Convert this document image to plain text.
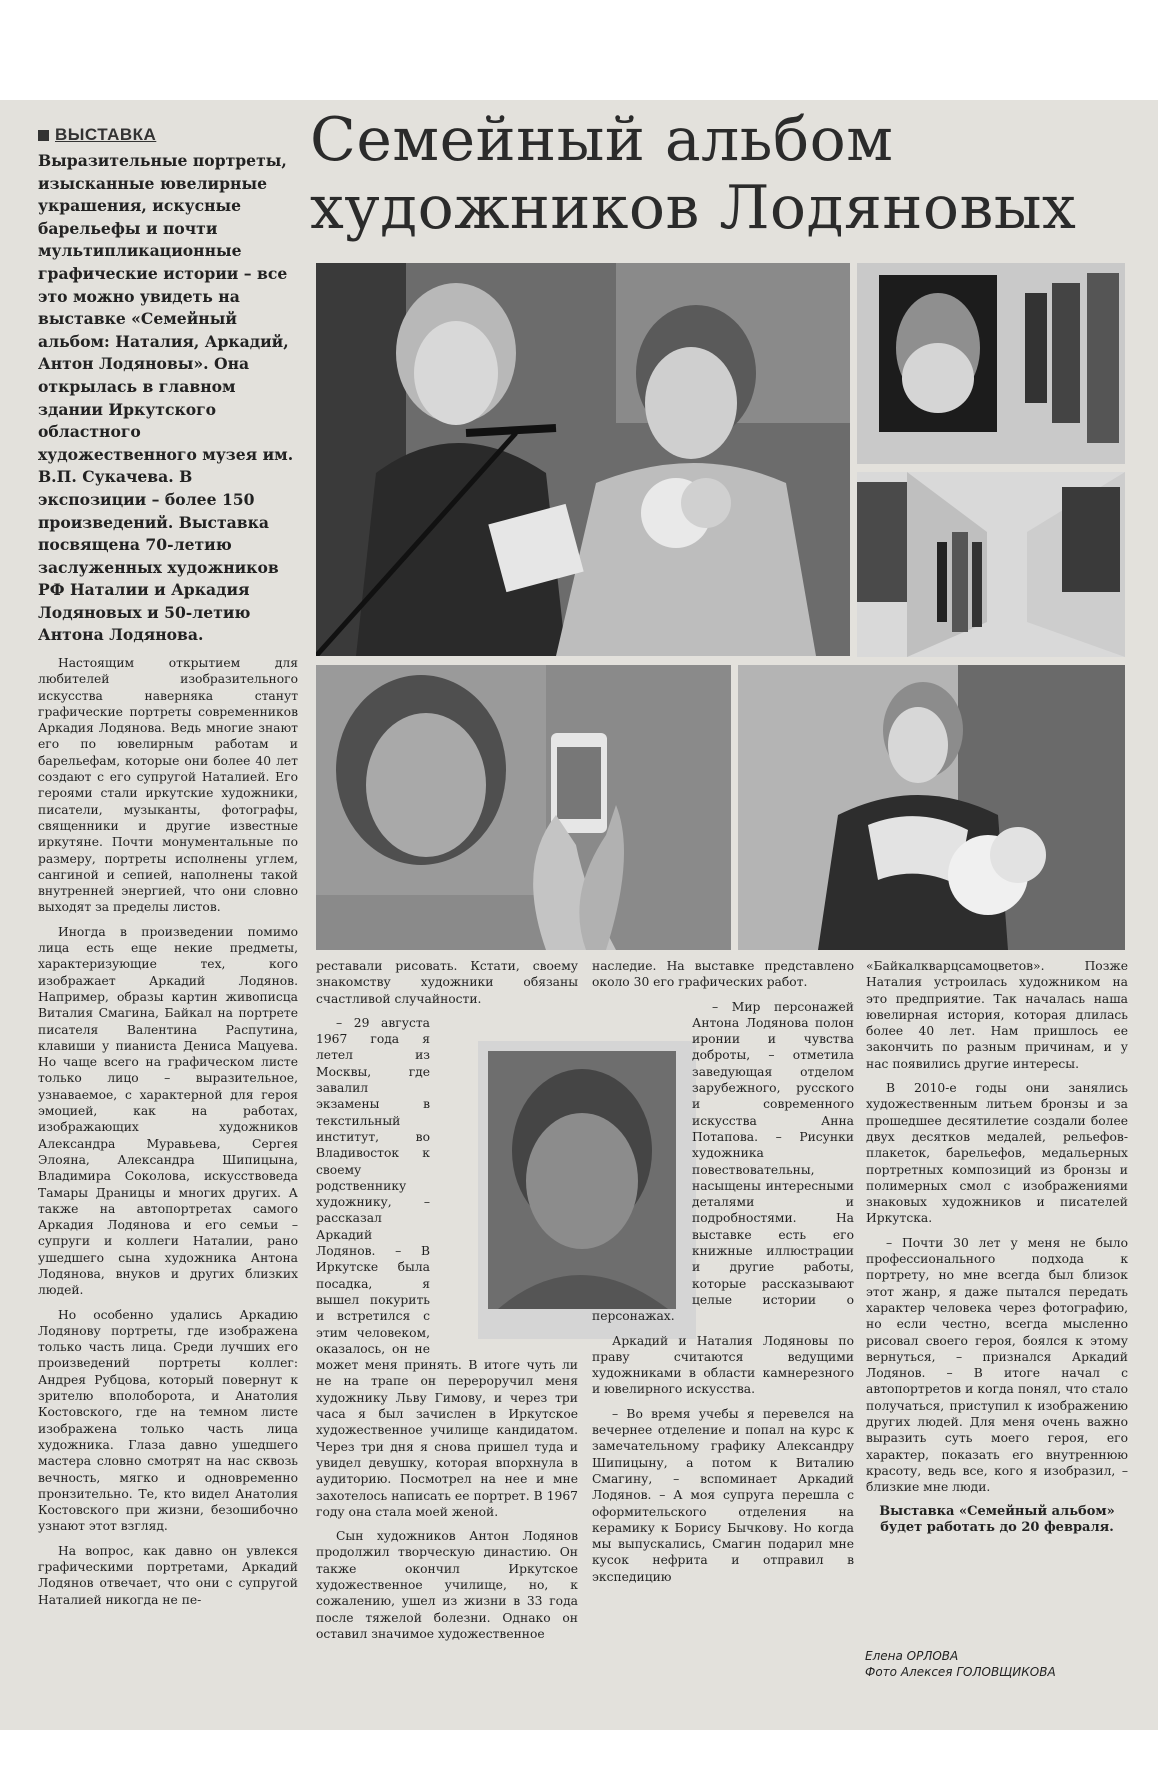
ВЫСТАВКА	Семейный альбом
художников Лодяновых
Выразительные портреты, изысканные ювелирные украшения, искусные барельефы и почти мультипликационные графические истории – все это можно увидеть на выставке «Семейный альбом: Наталия, Аркадий, Антон Лодяновы». Она открылась в главном здании Иркутского областного художественного музея им. В.П. Сукачева. В экспозиции – более 150 произведений. Выставка посвящена 70-летию заслуженных художников РФ Наталии и Аркадия Лодяновых и 50-летию Антона Лодянова.

Настоящим открытием для любителей изобразительного искусства наверняка станут графические портреты современников Аркадия Лодянова. Ведь многие знают его по ювелирным работам и барельефам, которые они более 40 лет создают с его супругой Наталией. Его героями стали иркутские художники, писатели, музыканты, фотографы, священники и другие известные иркутяне. Почти монументальные по размеру, портреты исполнены углем, сангиной и сепией, наполнены такой внутренней энергией, что они словно выходят за пределы листов.

Иногда в произведении помимо лица есть еще некие предметы, характеризующие тех, кого изображает Аркадий Лодянов. Например, образы картин живописца Виталия Смагина, Байкал на портрете писателя Валентина Распутина, клавиши у пианиста Дениса Мацуева. Но чаще всего на графическом листе только лицо – выразительное, узнаваемое, с характерной для героя эмоцией, как на работах, изображающих художников Александра Муравьева, Сергея Элояна, Александра Шипицына, Владимира Соколова, искусствоведа Тамары Драницы и многих других. А также на автопортретах самого Аркадия Лодянова и его семьи – супруги и коллеги Наталии, рано ушедшего сына художника Антона Лодянова, внуков и других близких людей.

Но особенно удались Аркадию Лодянову портреты, где изображена только часть лица. Среди лучших его произведений портреты коллег: Андрея Рубцова, который повернут к зрителю вполоборота, и Анатолия Костовского, где на темном листе изображена только часть лица художника. Глаза давно ушедшего мастера словно смотрят на нас сквозь вечность, мягко и одновременно пронзительно. Те, кто видел Анатолия Костовского при жизни, безошибочно узнают этот взгляд.

На вопрос, как давно он увлекся графическими портретами, Аркадий Лодянов отвечает, что они с супругой Наталией никогда не пе-

реставали рисовать. Кстати, своему знакомству художники обязаны счастливой случайности.

– 29 августа 1967 года я летел из Москвы, где завалил экзамены в текстильный институт, во Владивосток к своему родственнику художнику, – рассказал Аркадий Лодянов. – В Иркутске была посадка, я вышел покурить и встретился с этим человеком, оказалось, он не может меня принять. В итоге чуть ли не на трапе он переpоручил меня художнику Льву Гимову, и через три часа я был зачислен в Иркутское художественное училище кандидатом. Через три дня я снова пришел туда и увидел девушку, которая впорхнула в аудиторию. Посмотрел на нее и мне захотелось написать ее портрет. В 1967 году она стала моей женой.

Сын художников Антон Лодянов продолжил творческую династию. Он также окончил Иркутское художественное училище, но, к сожалению, ушел из жизни в 33 года после тяжелой болезни. Однако он оставил значимое художественное

наследие. На выставке представлено около 30 его графических работ.

– Мир персонажей Антона Лодянова полон иронии и чувства доброты, – отметила заведующая отделом зарубежного, русского и современного искусства Анна Потапова. – Рисунки художника повествовательны, насыщены интересными деталями и подробностями. На выставке есть его книжные иллюстрации и другие работы, которые рассказывают целые истории о персонажах.

Аркадий и Наталия Лодяновы по праву считаются ведущими художниками в области камнерезного и ювелирного искусства.

– Во время учебы я перевелся на вечернее отделение и попал на курс к замечательному графику Александру Шипицыну, а потом к Виталию Смагину, – вспоминает Аркадий Лодянов. – А моя супруга перешла с оформительского отделения на керамику к Борису Бычкову. Но когда мы выпускались, Смагин подарил мне кусок нефрита и отправил в экспедицию

«Байкалкварцсамоцветов». Позже Наталия устроилась художником на это предприятие. Так началась наша ювелирная история, которая длилась более 40 лет. Нам пришлось ее закончить по разным причинам, и у нас появились другие интересы.

В 2010-е годы они занялись художественным литьем бронзы и за прошедшее десятилетие создали более двух десятков медалей, рельефов-плакеток, барельефов, медальерных портретных композиций из бронзы и полимерных смол с изображениями знаковых художников и писателей Иркутска.

– Почти 30 лет у меня не было профессионального подхода к портрету, но мне всегда был близок этот жанр, я даже пытался передать характер человека через фотографию, но если честно, всегда мысленно рисовал своего героя, боялся к этому вернуться, – признался Аркадий Лодянов. – В итоге начал с автопортретов и когда понял, что стало получаться, приступил к изображению других людей. Для меня очень важно выразить суть моего героя, его характер, показать его внутреннюю красоту, ведь все, кого я изобразил, – близкие мне люди.

Выставка «Семейный альбом» будет работать до 20 февраля.

Елена ОРЛОВА
Фото Алексея ГОЛОВЩИКОВА
